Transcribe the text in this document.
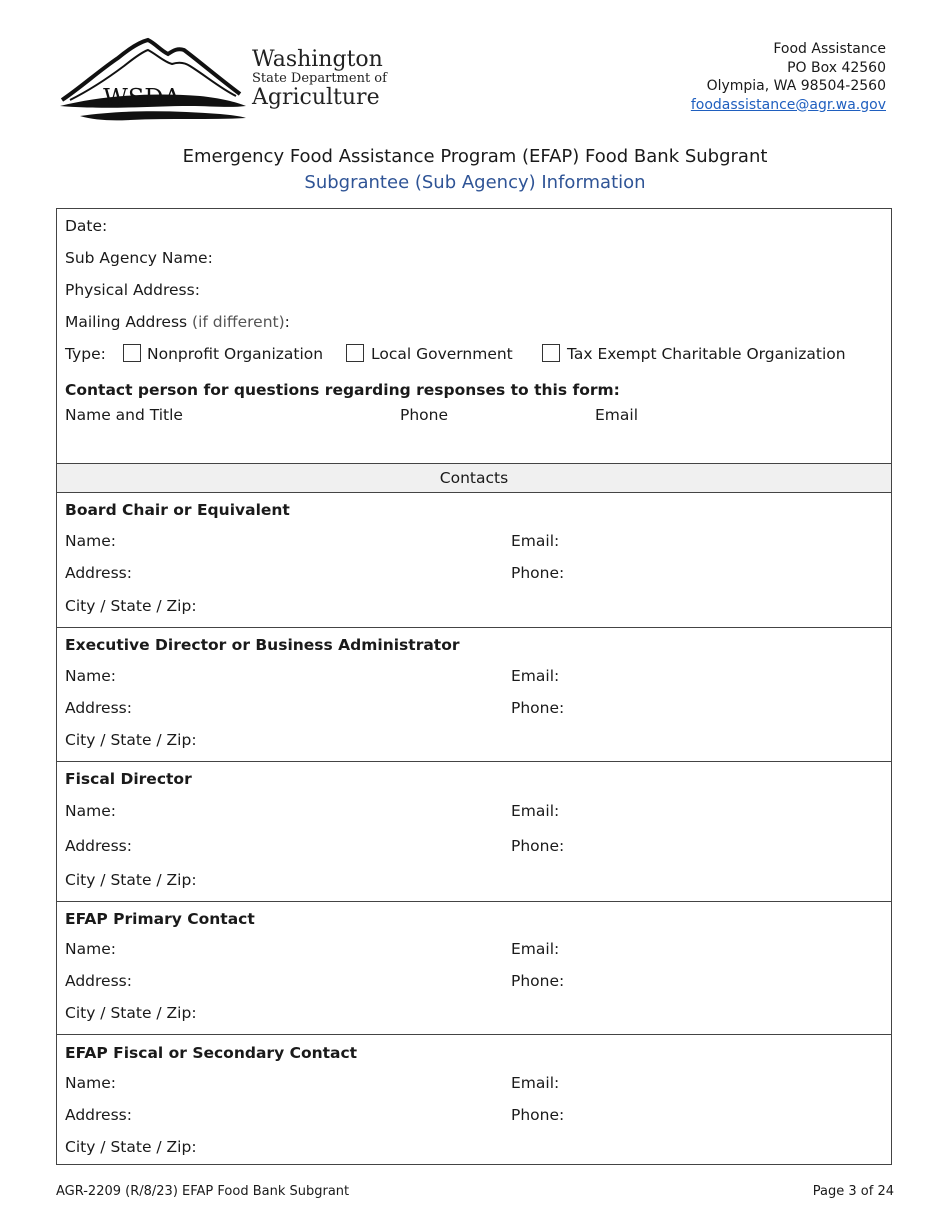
WSDA
Washington
State Department of
Agriculture
Food Assistance
PO Box 42560
Olympia, WA 98504-2560
foodassistance@agr.wa.gov
Emergency Food Assistance Program (EFAP) Food Bank Subgrant
Subgrantee (Sub Agency) Information
Date:
Sub Agency Name:
Physical Address:
Mailing Address (if different):
Type:	Nonprofit Organization	Local Government	Tax Exempt Charitable Organization
Contact person for questions regarding responses to this form:
Name and Title	Phone	Email
Contacts
Board Chair or Equivalent
Name:	Email:
Address:	Phone:
City / State / Zip:
Executive Director or Business Administrator
Name:	Email:
Address:	Phone:
City / State / Zip:
Fiscal Director
Name:	Email:
Address:	Phone:
City / State / Zip:
EFAP Primary Contact
Name:	Email:
Address:	Phone:
City / State / Zip:
EFAP Fiscal or Secondary Contact
Name:	Email:
Address:	Phone:
City / State / Zip:
AGR-2209 (R/8/23) EFAP Food Bank Subgrant	Page 3 of 24
